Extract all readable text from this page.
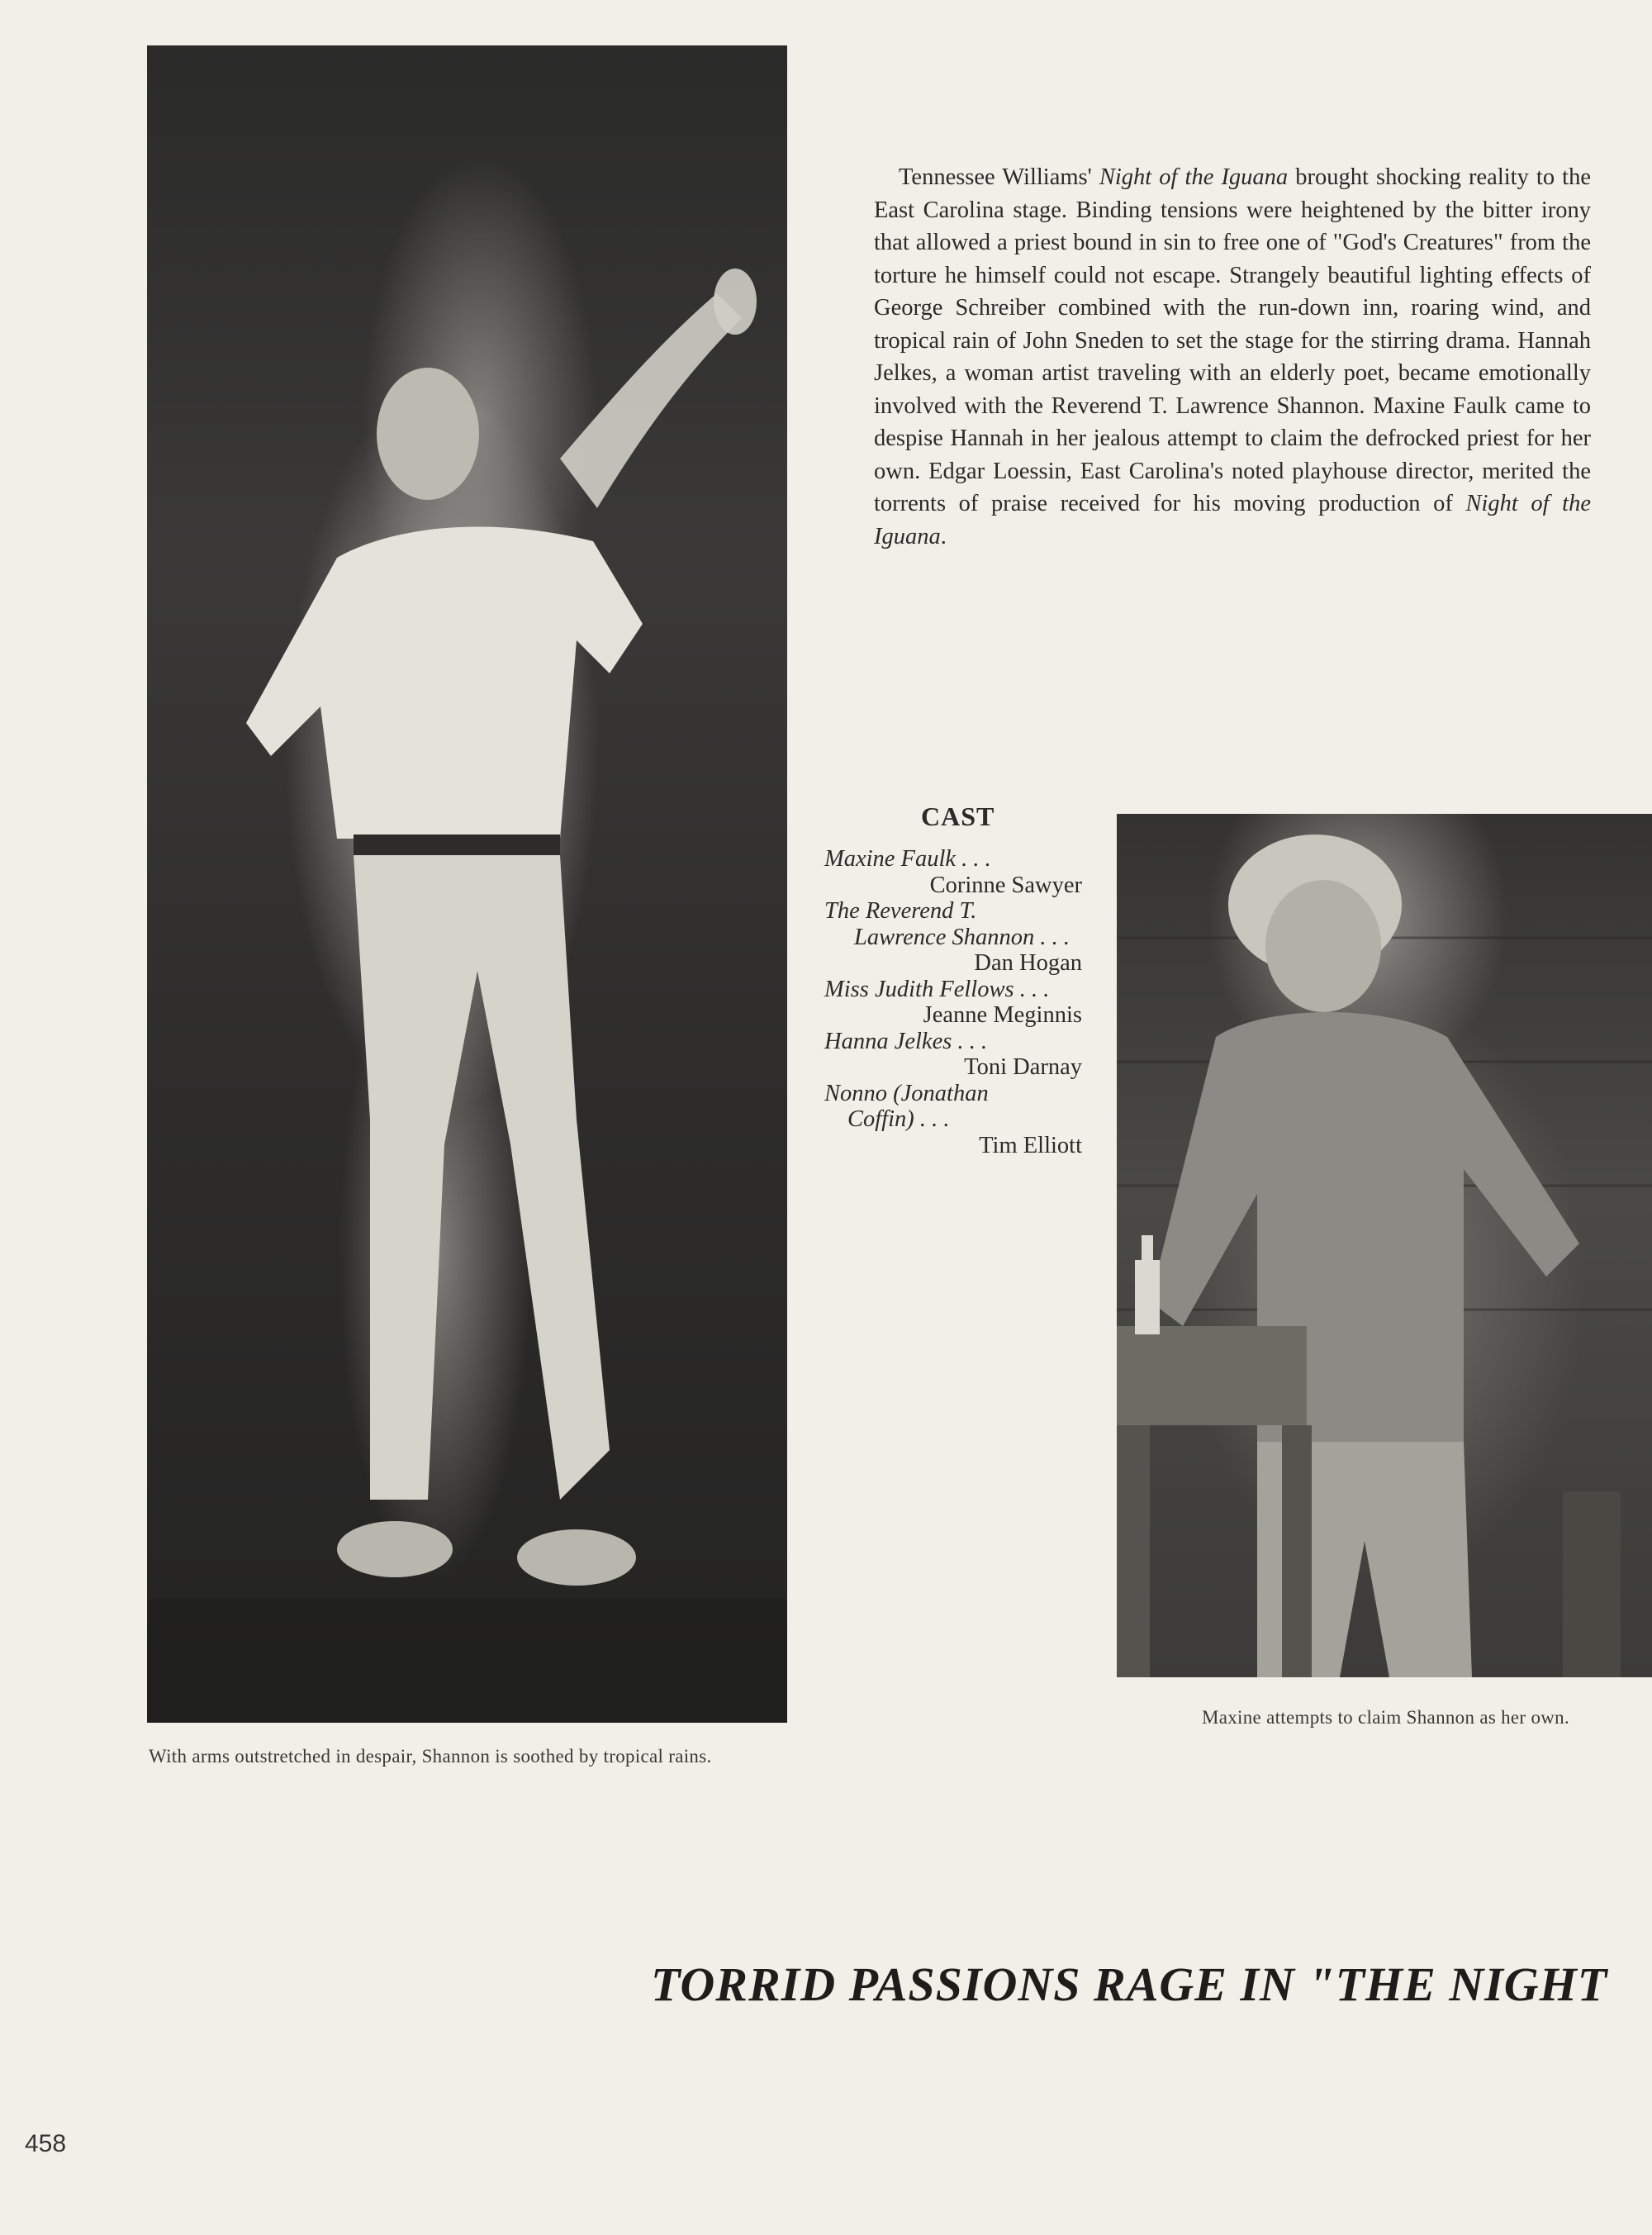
Tennessee Williams' Night of the Iguana brought shocking reality to the East Carolina stage. Binding tensions were heightened by the bitter irony that allowed a priest bound in sin to free one of "God's Creatures" from the torture he himself could not escape. Strangely beautiful lighting effects of George Schreiber combined with the run-down inn, roaring wind, and tropical rain of John Sneden to set the stage for the stirring drama. Hannah Jelkes, a woman artist traveling with an elderly poet, became emotionally involved with the Reverend T. Lawrence Shannon. Maxine Faulk came to despise Hannah in her jealous attempt to claim the defrocked priest for her own. Edgar Loessin, East Carolina's noted playhouse director, merited the torrents of praise received for his moving production of Night of the Iguana.

CAST
Maxine Faulk . . .
Corinne Sawyer
The Reverend T.
Lawrence Shannon . . .
Dan Hogan
Miss Judith Fellows . . .
Jeanne Meginnis
Hanna Jelkes . . .
Toni Darnay
Nonno (Jonathan
Coffin) . . .
Tim Elliott

With arms outstretched in despair, Shannon is soothed by tropical rains.

Maxine attempts to claim Shannon as her own.

TORRID PASSIONS RAGE IN "THE NIGHT

458
